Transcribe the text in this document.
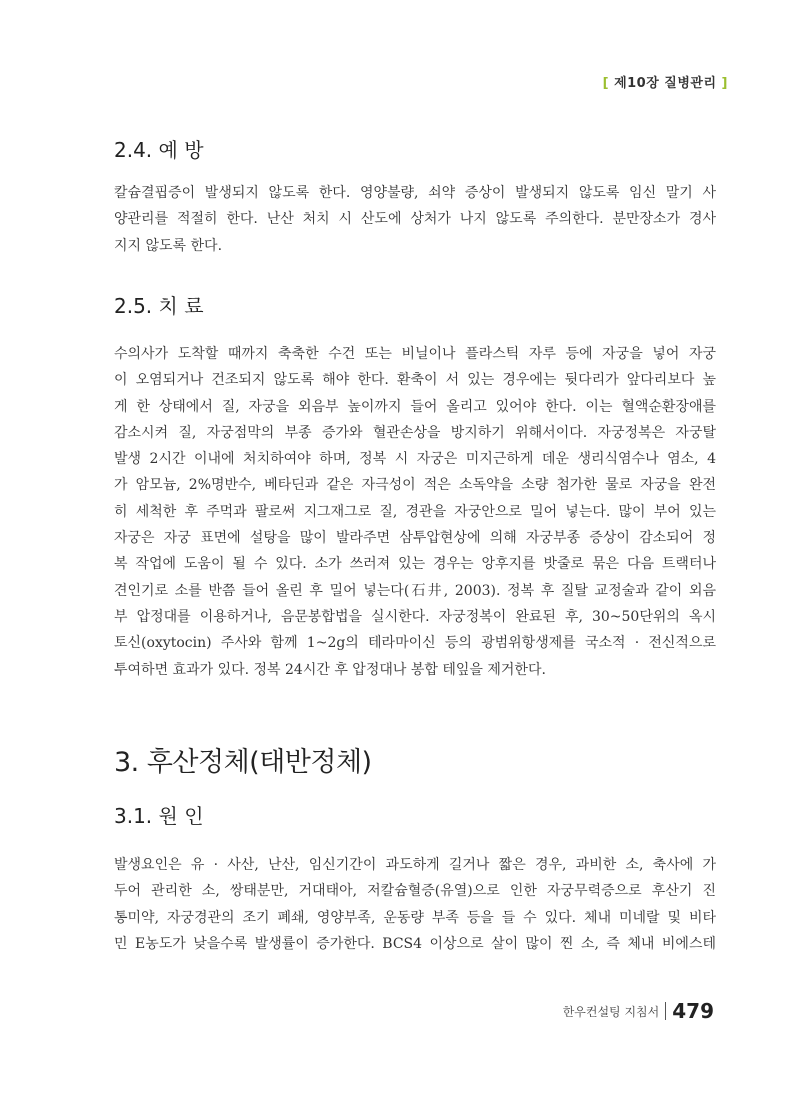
[ 제10장 질병관리 ]
2.4. 예 방

칼슘결핍증이 발생되지 않도록 한다. 영양불량, 쇠약 증상이 발생되지 않도록 임신 말기 사
양관리를 적절히 한다. 난산 처치 시 산도에 상처가 나지 않도록 주의한다. 분만장소가 경사
지지 않도록 한다.

2.5. 치 료

수의사가 도착할 때까지 축축한 수건 또는 비닐이나 플라스틱 자루 등에 자궁을 넣어 자궁
이 오염되거나 건조되지 않도록 해야 한다. 환축이 서 있는 경우에는 뒷다리가 앞다리보다 높
게 한 상태에서 질, 자궁을 외음부 높이까지 들어 올리고 있어야 한다. 이는 혈액순환장애를
감소시켜 질, 자궁점막의 부종 증가와 혈관손상을 방지하기 위해서이다. 자궁정복은 자궁탈
발생 2시간 이내에 처치하여야 하며, 정복 시 자궁은 미지근하게 데운 생리식염수나 염소, 4
가 암모늄, 2%명반수, 베타딘과 같은 자극성이 적은 소독약을 소량 첨가한 물로 자궁을 완전
히 세척한 후 주먹과 팔로써 지그재그로 질, 경관을 자궁안으로 밀어 넣는다. 많이 부어 있는
자궁은 자궁 표면에 설탕을 많이 발라주면 삼투압현상에 의해 자궁부종 증상이 감소되어 정
복 작업에 도움이 될 수 있다. 소가 쓰러져 있는 경우는 앙후지를 밧줄로 묶은 다음 트랙터나
견인기로 소를 반쯤 들어 올린 후 밀어 넣는다(石井, 2003). 정복 후 질탈 교정술과 같이 외음
부 압정대를 이용하거나, 음문봉합법을 실시한다. 자궁정복이 완료된 후, 30~50단위의 옥시
토신(oxytocin) 주사와 함께 1~2g의 테라마이신 등의 광범위항생제를 국소적 · 전신적으로
투여하면 효과가 있다. 정복 24시간 후 압정대나 봉합 테잎을 제거한다.

3. 후산정체(태반정체)
3.1. 원 인

발생요인은 유 · 사산, 난산, 임신기간이 과도하게 길거나 짧은 경우, 과비한 소, 축사에 가
두어 관리한 소, 쌍태분만, 거대태아, 저칼슘혈증(유열)으로 인한 자궁무력증으로 후산기 진
통미약, 자궁경관의 조기 폐쇄, 영양부족, 운동량 부족 등을 들 수 있다. 체내 미네랄 및 비타
민 E농도가 낮을수록 발생률이 증가한다. BCS4 이상으로 살이 많이 찐 소, 즉 체내 비에스테

한우컨설팅 지침서 479
